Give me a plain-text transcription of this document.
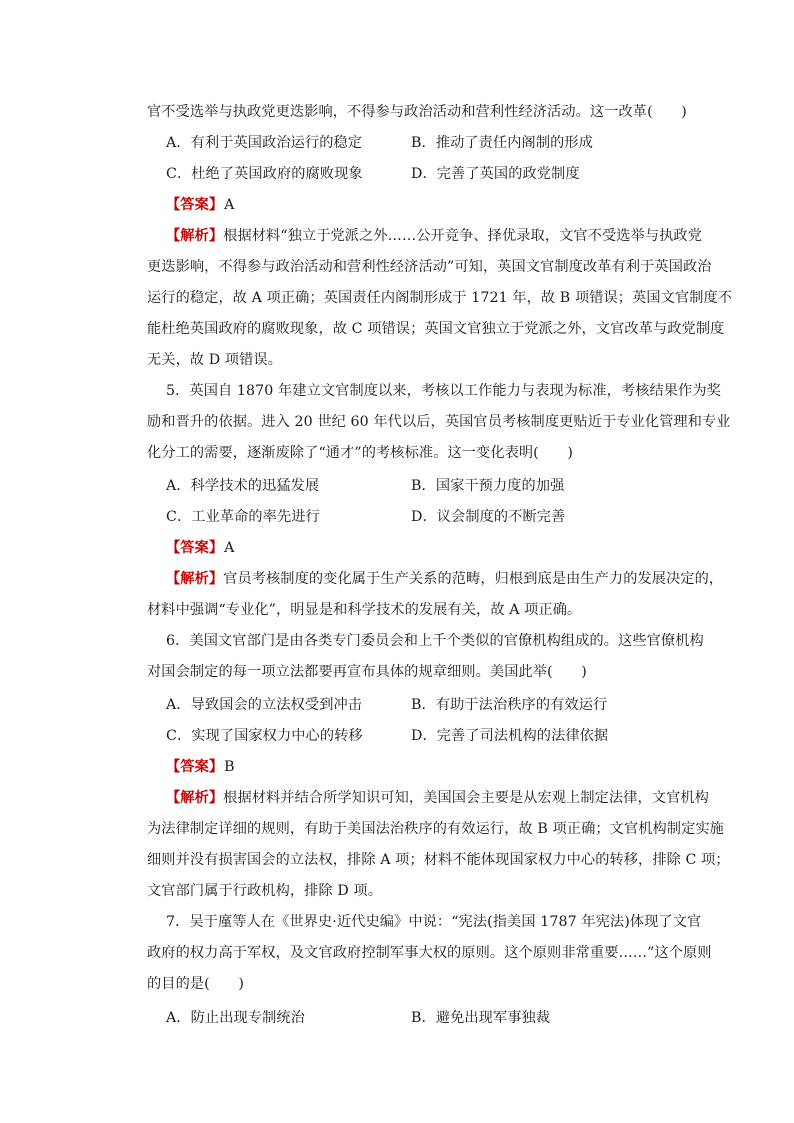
官不受选举与执政党更迭影响，不得参与政治活动和营利性经济活动。这一改革(　　)
A．有利于英国政治运行的稳定	B．推动了责任内阁制的形成
C．杜绝了英国政府的腐败现象	D．完善了英国的政党制度
【答案】A
【解析】根据材料“独立于党派之外……公开竞争、择优录取，文官不受选举与执政党
更迭影响，不得参与政治活动和营利性经济活动”可知，英国文官制度改革有利于英国政治
运行的稳定，故 A 项正确；英国责任内阁制形成于 1721 年，故 B 项错误；英国文官制度不
能杜绝英国政府的腐败现象，故 C 项错误；英国文官独立于党派之外，文官改革与政党制度
无关，故 D 项错误。
5．英国自 1870 年建立文官制度以来，考核以工作能力与表现为标准，考核结果作为奖
励和晋升的依据。进入 20 世纪 60 年代以后，英国官员考核制度更贴近于专业化管理和专业
化分工的需要，逐渐废除了“通才”的考核标准。这一变化表明(　　)
A．科学技术的迅猛发展	B．国家干预力度的加强
C．工业革命的率先进行	D．议会制度的不断完善
【答案】A
【解析】官员考核制度的变化属于生产关系的范畴，归根到底是由生产力的发展决定的，
材料中强调“专业化”，明显是和科学技术的发展有关，故 A 项正确。
6．美国文官部门是由各类专门委员会和上千个类似的官僚机构组成的。这些官僚机构
对国会制定的每一项立法都要再宣布具体的规章细则。美国此举(　　)
A．导致国会的立法权受到冲击	B．有助于法治秩序的有效运行
C．实现了国家权力中心的转移	D．完善了司法机构的法律依据
【答案】B
【解析】根据材料并结合所学知识可知，美国国会主要是从宏观上制定法律，文官机构
为法律制定详细的规则，有助于美国法治秩序的有效运行，故 B 项正确；文官机构制定实施
细则并没有损害国会的立法权，排除 A 项；材料不能体现国家权力中心的转移，排除 C 项；
文官部门属于行政机构，排除 D 项。
7．吴于廑等人在《世界史·近代史编》中说：“宪法(指美国 1787 年宪法)体现了文官
政府的权力高于军权，及文官政府控制军事大权的原则。这个原则非常重要……”这个原则
的目的是(　　)
A．防止出现专制统治	B．避免出现军事独裁
